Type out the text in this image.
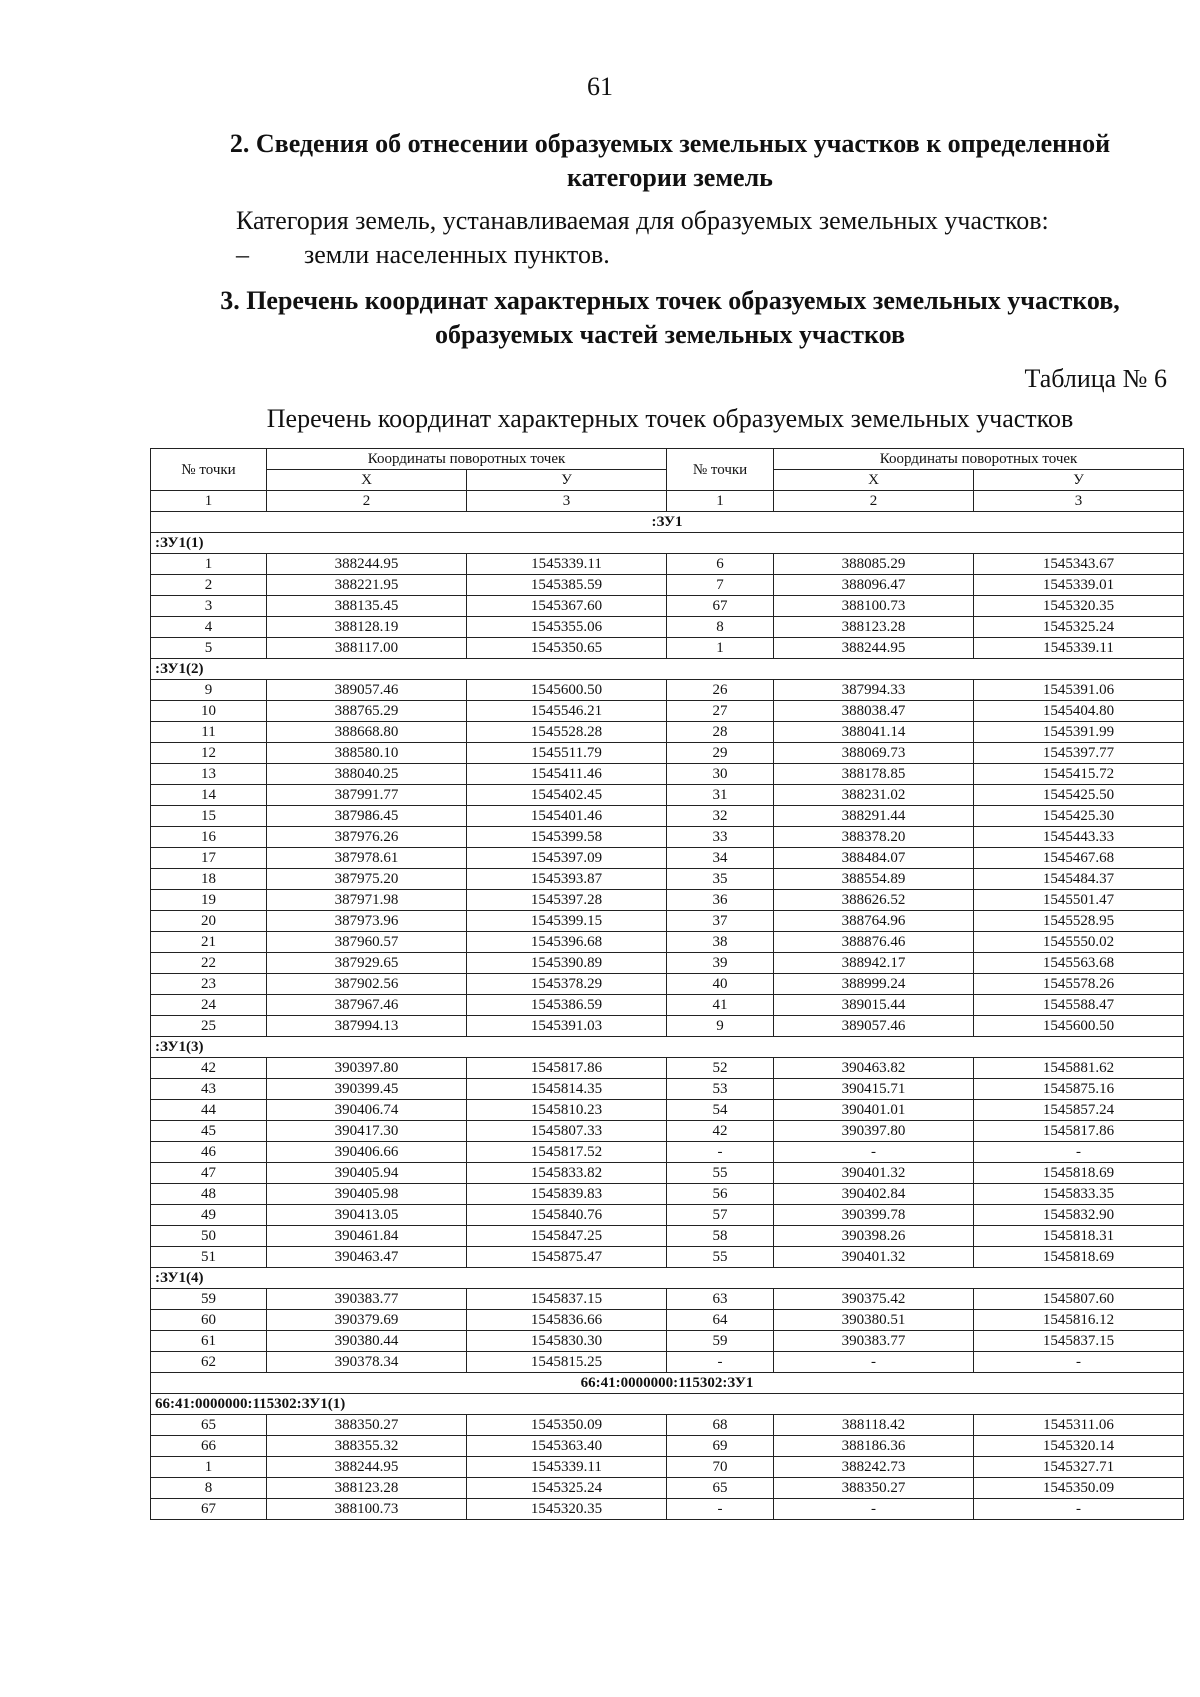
61
2. Сведения об отнесении образуемых земельных участков к определенной
категории земель
Категория земель, устанавливаемая для образуемых земельных участков:
– земли населенных пунктов.
3. Перечень координат характерных точек образуемых земельных участков,
образуемых частей земельных участков
Таблица № 6
Перечень координат характерных точек образуемых земельных участков
№ точки	Координаты поворотных точек		№ точки	Координаты поворотных точек	
	X	У		X	У
1	2	3	1	2	3
:ЗУ1					
:ЗУ1(1)					
1	388244.95	1545339.11	6	388085.29	1545343.67
2	388221.95	1545385.59	7	388096.47	1545339.01
3	388135.45	1545367.60	67	388100.73	1545320.35
4	388128.19	1545355.06	8	388123.28	1545325.24
5	388117.00	1545350.65	1	388244.95	1545339.11
:ЗУ1(2)					
9	389057.46	1545600.50	26	387994.33	1545391.06
10	388765.29	1545546.21	27	388038.47	1545404.80
11	388668.80	1545528.28	28	388041.14	1545391.99
12	388580.10	1545511.79	29	388069.73	1545397.77
13	388040.25	1545411.46	30	388178.85	1545415.72
14	387991.77	1545402.45	31	388231.02	1545425.50
15	387986.45	1545401.46	32	388291.44	1545425.30
16	387976.26	1545399.58	33	388378.20	1545443.33
17	387978.61	1545397.09	34	388484.07	1545467.68
18	387975.20	1545393.87	35	388554.89	1545484.37
19	387971.98	1545397.28	36	388626.52	1545501.47
20	387973.96	1545399.15	37	388764.96	1545528.95
21	387960.57	1545396.68	38	388876.46	1545550.02
22	387929.65	1545390.89	39	388942.17	1545563.68
23	387902.56	1545378.29	40	388999.24	1545578.26
24	387967.46	1545386.59	41	389015.44	1545588.47
25	387994.13	1545391.03	9	389057.46	1545600.50
:ЗУ1(3)					
42	390397.80	1545817.86	52	390463.82	1545881.62
43	390399.45	1545814.35	53	390415.71	1545875.16
44	390406.74	1545810.23	54	390401.01	1545857.24
45	390417.30	1545807.33	42	390397.80	1545817.86
46	390406.66	1545817.52	-	-	-
47	390405.94	1545833.82	55	390401.32	1545818.69
48	390405.98	1545839.83	56	390402.84	1545833.35
49	390413.05	1545840.76	57	390399.78	1545832.90
50	390461.84	1545847.25	58	390398.26	1545818.31
51	390463.47	1545875.47	55	390401.32	1545818.69
:ЗУ1(4)					
59	390383.77	1545837.15	63	390375.42	1545807.60
60	390379.69	1545836.66	64	390380.51	1545816.12
61	390380.44	1545830.30	59	390383.77	1545837.15
62	390378.34	1545815.25	-	-	-
66:41:0000000:115302:ЗУ1					
66:41:0000000:115302:ЗУ1(1)					
65	388350.27	1545350.09	68	388118.42	1545311.06
66	388355.32	1545363.40	69	388186.36	1545320.14
1	388244.95	1545339.11	70	388242.73	1545327.71
8	388123.28	1545325.24	65	388350.27	1545350.09
67	388100.73	1545320.35	-	-	-
